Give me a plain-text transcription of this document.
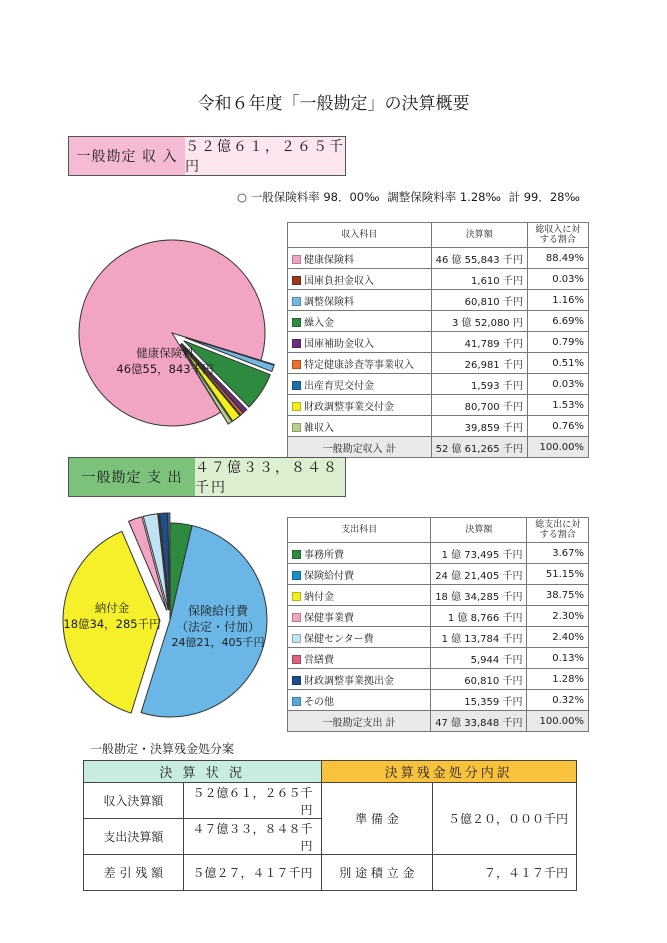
令和６年度「一般勘定」の決算概要
一般勘定 収 入
５２億６１，２６５千円
○ 一般保険料率 98．00‰ 調整保険料率 1.28‰ 計 99．28‰
健康保険料
46億55，843千円
収入科目	決算額	総収入に対する割合
健康保険料	46 億 55,843 千円	88.49%
国庫負担金収入	1,610 千円	0.03%
調整保険料	60,810 千円	1.16%
繰入金	3 億 52,080 円	6.69%
国庫補助金収入	41,789 千円	0.79%
特定健康診査等事業収入	26,981 千円	0.51%
出産育児交付金	1,593 千円	0.03%
財政調整事業交付金	80,700 千円	1.53%
雑収入	39,859 千円	0.76%
一般勘定収入 計	52 億 61,265 千円	100.00%
一般勘定 支 出
４７億３３，８４８千円
納付金
18億34，285千円
保険給付費
（法定・付加）
24億21，405千円
支出科目	決算額	総支出に対する割合
事務所費	1 億 73,495 千円	3.67%
保険給付費	24 億 21,405 千円	51.15%
納付金	18 億 34,285 千円	38.75%
保健事業費	1 億 8,766 千円	2.30%
保健センター費	1 億 13,784 千円	2.40%
営繕費	5,944 千円	0.13%
財政調整事業拠出金	60,810 千円	1.28%
その他	15,359 千円	0.32%
一般勘定支出 計	47 億 33,848 千円	100.00%
一般勘定・決算残金処分案
決 算 状 況		決算残金処分内訳	
収入決算額	５２億６１，２６５千円	準 備 金	５億２０，０００千円
支出決算額	４７億３３，８４８千円		
差 引 残 額	５億２７，４１７千円	別 途 積 立 金	７，４１７千円
